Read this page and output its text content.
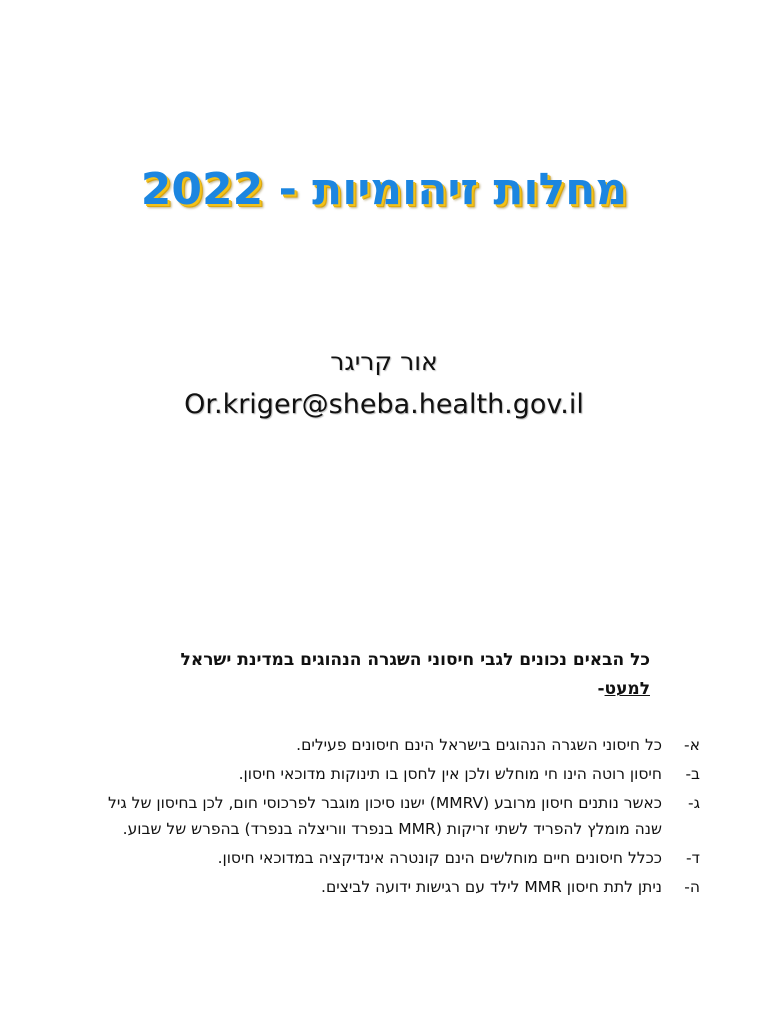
מחלות זיהומיות - 2022
אור קריגר
Or.kriger@sheba.health.gov.il
כל הבאים נכונים לגבי חיסוני השגרה הנהוגים במדינת ישראל
למעט-
א-
כל חיסוני השגרה הנהוגים בישראל הינם חיסונים פעילים.
ב-
חיסון רוטה הינו חי מוחלש ולכן אין לחסן בו תינוקות מדוכאי חיסון.
ג-
כאשר נותנים חיסון מרובע (MMRV) ישנו סיכון מוגבר לפרכוסי חום, לכן בחיסון של גיל שנה מומלץ להפריד לשתי זריקות (MMR בנפרד ווריצלה בנפרד) בהפרש של שבוע.
ד-
ככלל חיסונים חיים מוחלשים הינם קונטרה אינדיקציה במדוכאי חיסון.
ה-
ניתן לתת חיסון MMR לילד עם רגישות ידועה לביצים.
